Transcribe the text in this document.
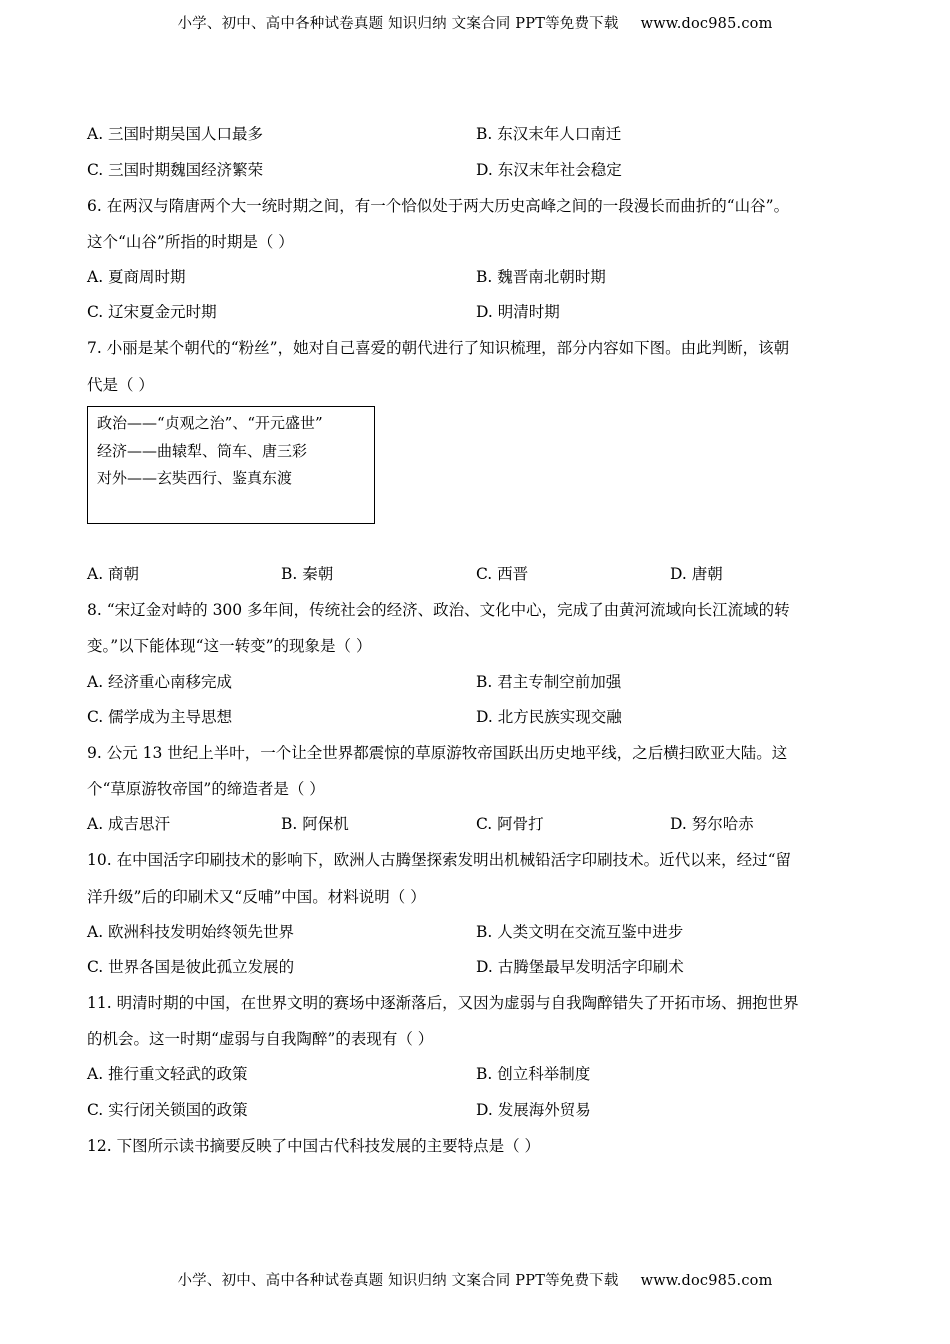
小学、初中、高中各种试卷真题 知识归纳 文案合同 PPT等免费下载 www.doc985.com
A. 三国时期吴国人口最多	B. 东汉末年人口南迁
C. 三国时期魏国经济繁荣	D. 东汉末年社会稳定
6. 在两汉与隋唐两个大一统时期之间，有一个恰似处于两大历史高峰之间的一段漫长而曲折的“山谷”。
这个“山谷”所指的时期是（ ）
A. 夏商周时期	B. 魏晋南北朝时期
C. 辽宋夏金元时期	D. 明清时期
7. 小丽是某个朝代的“粉丝”，她对自己喜爱的朝代进行了知识梳理，部分内容如下图。由此判断，该朝
代是（ ）
政治——“贞观之治”、“开元盛世”
经济——曲辕犁、筒车、唐三彩
对外——玄奘西行、鉴真东渡
A. 商朝	B. 秦朝	C. 西晋	D. 唐朝
8. “宋辽金对峙的 300 多年间，传统社会的经济、政治、文化中心，完成了由黄河流域向长江流域的转
变。”以下能体现“这一转变”的现象是（ ）
A. 经济重心南移完成	B. 君主专制空前加强
C. 儒学成为主导思想	D. 北方民族实现交融
9. 公元 13 世纪上半叶，一个让全世界都震惊的草原游牧帝国跃出历史地平线，之后横扫欧亚大陆。这
个“草原游牧帝国”的缔造者是（ ）
A. 成吉思汗	B. 阿保机	C. 阿骨打	D. 努尔哈赤
10. 在中国活字印刷技术的影响下，欧洲人古腾堡探索发明出机械铅活字印刷技术。近代以来，经过“留
洋升级”后的印刷术又“反哺”中国。材料说明（ ）
A. 欧洲科技发明始终领先世界	B. 人类文明在交流互鉴中进步
C. 世界各国是彼此孤立发展的	D. 古腾堡最早发明活字印刷术
11. 明清时期的中国，在世界文明的赛场中逐渐落后，又因为虚弱与自我陶醉错失了开拓市场、拥抱世界
的机会。这一时期“虚弱与自我陶醉”的表现有（ ）
A. 推行重文轻武的政策	B. 创立科举制度
C. 实行闭关锁国的政策	D. 发展海外贸易
12. 下图所示读书摘要反映了中国古代科技发展的主要特点是（ ）
小学、初中、高中各种试卷真题 知识归纳 文案合同 PPT等免费下载 www.doc985.com
